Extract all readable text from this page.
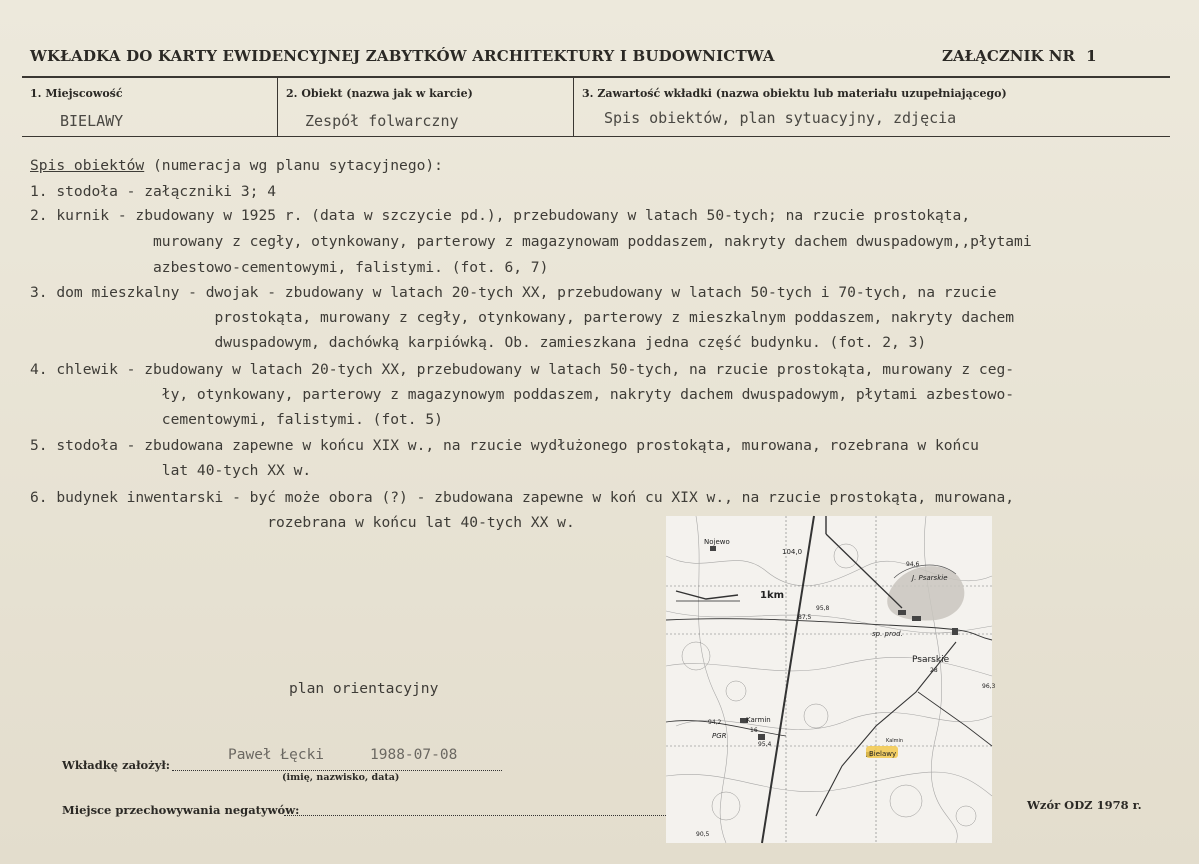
WKŁADKA DO KARTY EWIDENCYJNEJ ZABYTKÓW ARCHITEKTURY I BUDOWNICTWA	ZAŁĄCZNIK NR 1
1. Miejscowość
BIELAWY
2. Obiekt (nazwa jak w karcie)
Zespół folwarczny
3. Zawartość wkładki (nazwa obiektu lub materiału uzupełniającego)
Spis obiektów, plan sytuacyjny, zdjęcia
Spis obiektów (numeracja wg planu sytacyjnego):
1. stodoła - załączniki 3; 4
2. kurnik - zbudowany w 1925 r. (data w szczycie pd.), przebudowany w latach 50-tych; na rzucie prostokąta,
murowany z cegły, otynkowany, parterowy z magazynowam poddaszem, nakryty dachem dwuspadowym,,płytami
azbestowo-cementowymi, falistymi. (fot. 6, 7)
3. dom mieszkalny - dwojak - zbudowany w latach 20-tych XX, przebudowany w latach 50-tych i 70-tych, na rzucie
prostokąta, murowany z cegły, otynkowany, parterowy z mieszkalnym poddaszem, nakryty dachem
dwuspadowym, dachówką karpiówką. Ob. zamieszkana jedna część budynku. (fot. 2, 3)
4. chlewik - zbudowany w latach 20-tych XX, przebudowany w latach 50-tych, na rzucie prostokąta, murowany z ceg-
ły, otynkowany, parterowy z magazynowym poddaszem, nakryty dachem dwuspadowym, płytami azbestowo-
cementowymi, falistymi. (fot. 5)
5. stodoła - zbudowana zapewne w końcu XIX w., na rzucie wydłużonego prostokąta, murowana, rozebrana w końcu
lat 40-tych XX w.
6. budynek inwentarski - być może obora (?) - zbudowana zapewne w koń cu XIX w., na rzucie prostokąta, murowana,
rozebrana w końcu lat 40-tych XX w.
plan orientacyjny
Wkładkę założył:
Paweł Łęcki	1988-07-08
(imię, nazwisko, data)
Miejsce przechowywania negatywów:	Wzór ODZ 1978 r.
Nojewo
104,0
J. Psarskie
94,6
95,8
87,5
sp. prod.
Psarskie
28
96,3
94,2	Karmin
16
PGR
95,4	Kalmin
Bielawy
90,5
1km
